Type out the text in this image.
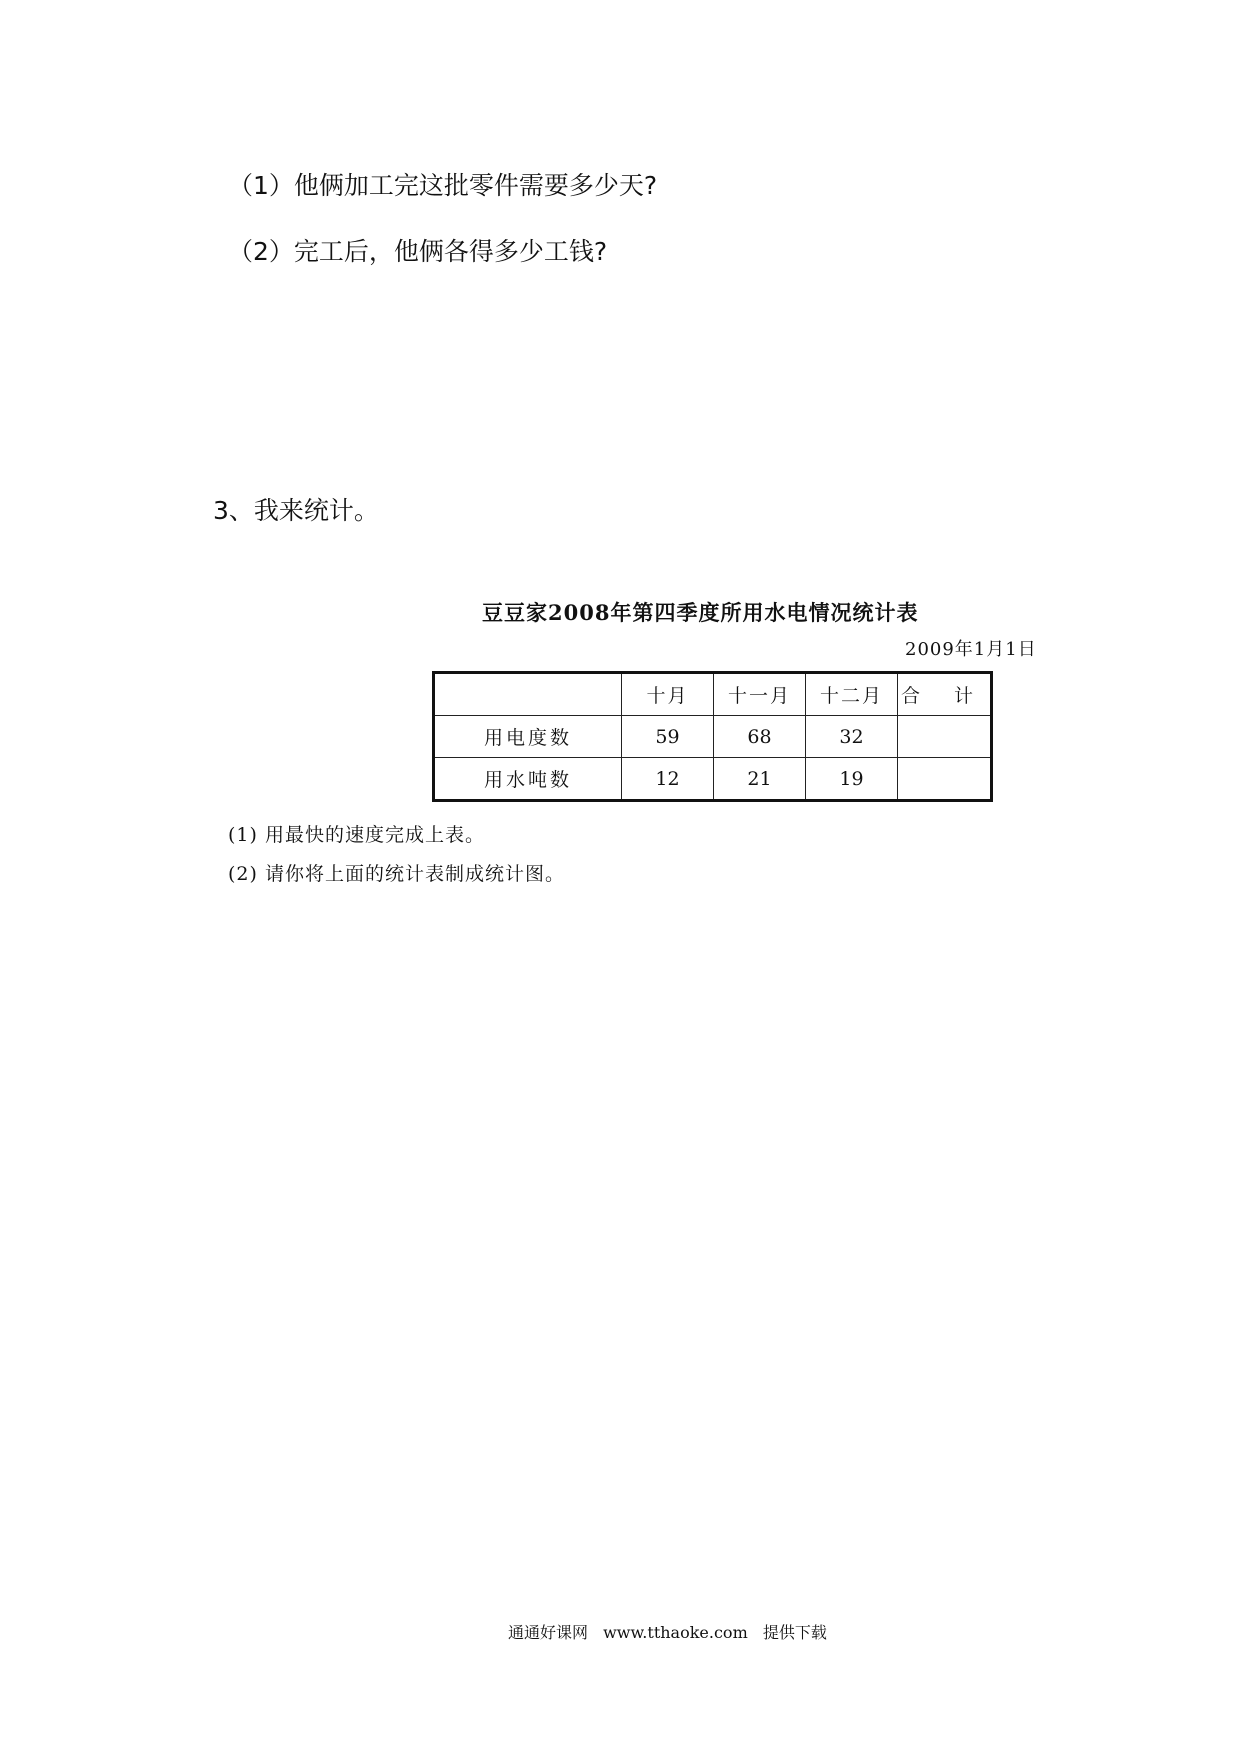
（1）他俩加工完这批零件需要多少天?
（2）完工后，他俩各得多少工钱?
3、我来统计。
豆豆家2008年第四季度所用水电情况统计表
2009年1月1日
	十月	十一月	十二月	合 计
用电度数	59	68	32	
用水吨数	12	21	19	
(1) 用最快的速度完成上表。
(2) 请你将上面的统计表制成统计图。
通通好课网 www.tthaoke.com 提供下载
